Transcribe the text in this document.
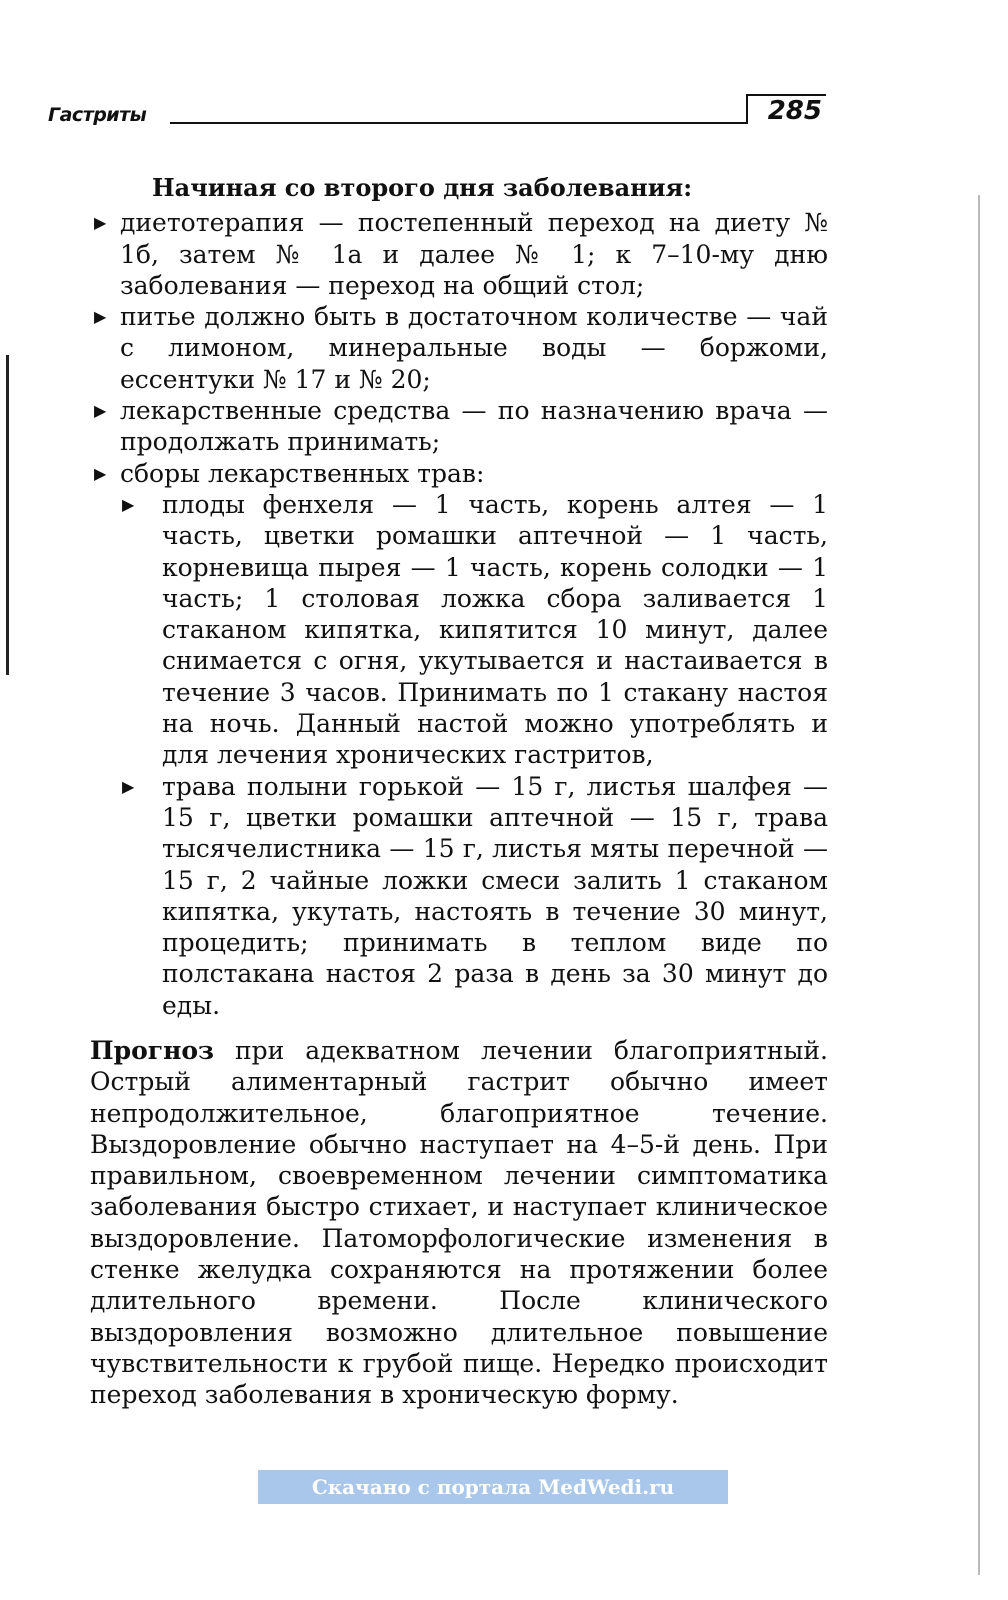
Гастриты	285
Начиная со второго дня заболевания:
▶ диетотерапия — постепенный переход на диету № 1б, затем № 1а и далее № 1; к 7–10-му дню заболевания — переход на общий стол;
▶ питье должно быть в достаточном количестве — чай с лимоном, минеральные воды — боржоми, ессентуки № 17 и № 20;
▶ лекарственные средства — по назначению врача — продолжать принимать;
▶ сборы лекарственных трав:
▶ плоды фенхеля — 1 часть, корень алтея — 1 часть, цветки ромашки аптечной — 1 часть, корневища пырея — 1 часть, корень солодки — 1 часть; 1 столовая ложка сбора заливается 1 стаканом кипятка, кипятится 10 минут, далее снимается с огня, укутывается и настаивается в течение 3 часов. Принимать по 1 стакану настоя на ночь. Данный настой можно употреблять и для лечения хронических гастритов,
▶ трава полыни горькой — 15 г, листья шалфея — 15 г, цветки ромашки аптечной — 15 г, трава тысячелистника — 15 г, листья мяты перечной — 15 г, 2 чайные ложки смеси залить 1 стаканом кипятка, укутать, настоять в течение 30 минут, процедить; принимать в теплом виде по полстакана настоя 2 раза в день за 30 минут до еды.
Прогноз при адекватном лечении благоприятный. Острый алиментарный гастрит обычно имеет непродолжительное, благоприятное течение. Выздоровление обычно наступает на 4–5-й день. При правильном, своевременном лечении симптоматика заболевания быстро стихает, и наступает клиническое выздоровление. Патоморфологические изменения в стенке желудка сохраняются на протяжении более длительного времени. После клинического выздоровления возможно длительное повышение чувствительности к грубой пище. Нередко происходит переход заболевания в хроническую форму.
Скачано с портала MedWedi.ru
